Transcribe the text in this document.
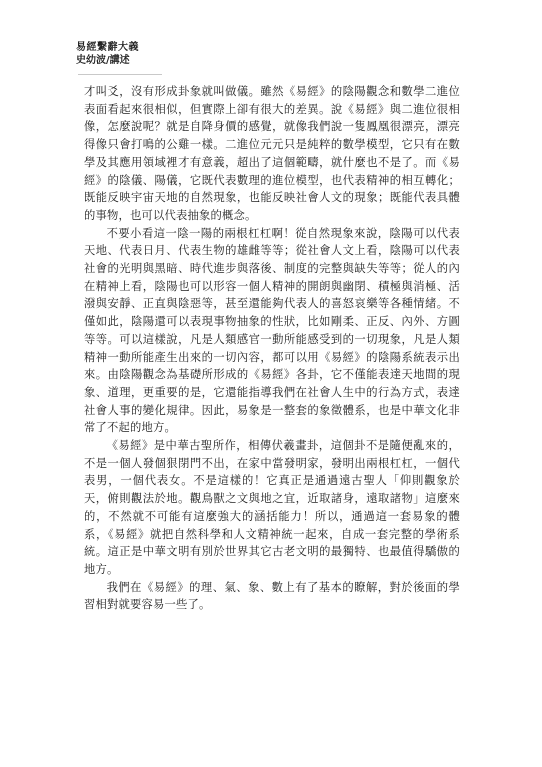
易經繫辭大義
史幼波/講述

才叫爻，沒有形成卦象就叫做儀。雖然《易經》的陰陽觀念和數學二進位表面看起來很相似，但實際上卻有很大的差異。說《易經》與二進位很相像，怎麼說呢？就是自降身價的感覺，就像我們說一隻鳳凰很漂亮，漂亮得像只會打鳴的公雞一樣。二進位元元只是純粹的數學模型，它只有在數學及其應用領域裡才有意義，超出了這個範疇，就什麼也不是了。而《易經》的陰儀、陽儀，它既代表數理的進位模型，也代表精神的相互轉化；既能反映宇宙天地的自然現象，也能反映社會人文的現象；既能代表具體的事物，也可以代表抽象的概念。

不要小看這一陰一陽的兩根杠杠啊！從自然現象來說，陰陽可以代表天地、代表日月、代表生物的雄雌等等；從社會人文上看，陰陽可以代表社會的光明與黑暗、時代進步與落後、制度的完整與缺失等等；從人的內在精神上看，陰陽也可以形容一個人精神的開朗與幽閉、積極與消極、活潑與安靜、正直與陰惡等，甚至還能夠代表人的喜怒哀樂等各種情緒。不僅如此，陰陽還可以表現事物抽象的性狀，比如剛柔、正反、內外、方圓等等。可以這樣說，凡是人類感官一動所能感受到的一切現象，凡是人類精神一動所能產生出來的一切內容，都可以用《易經》的陰陽系統表示出來。由陰陽觀念為基礎所形成的《易經》各卦，它不僅能表達天地間的現象、道理，更重要的是，它還能指導我們在社會人生中的行為方式，表達社會人事的變化規律。因此，易象是一整套的象徵體系，也是中華文化非常了不起的地方。

《易經》是中華古聖所作，相傳伏羲畫卦，這個卦不是隨便亂來的，不是一個人發個狠閉門不出，在家中當發明家，發明出兩根杠杠，一個代表男，一個代表女。不是這樣的！它真正是通過遠古聖人「仰則觀象於天，俯則觀法於地。觀鳥獸之文與地之宜，近取諸身，遠取諸物」這麼來的，不然就不可能有這麼強大的涵括能力！所以，通過這一套易象的體系，《易經》就把自然科學和人文精神統一起來，自成一套完整的學術系統。這正是中華文明有別於世界其它古老文明的最獨特、也最值得驕傲的地方。

我們在《易經》的理、氣、象、數上有了基本的瞭解，對於後面的學習相對就要容易一些了。
